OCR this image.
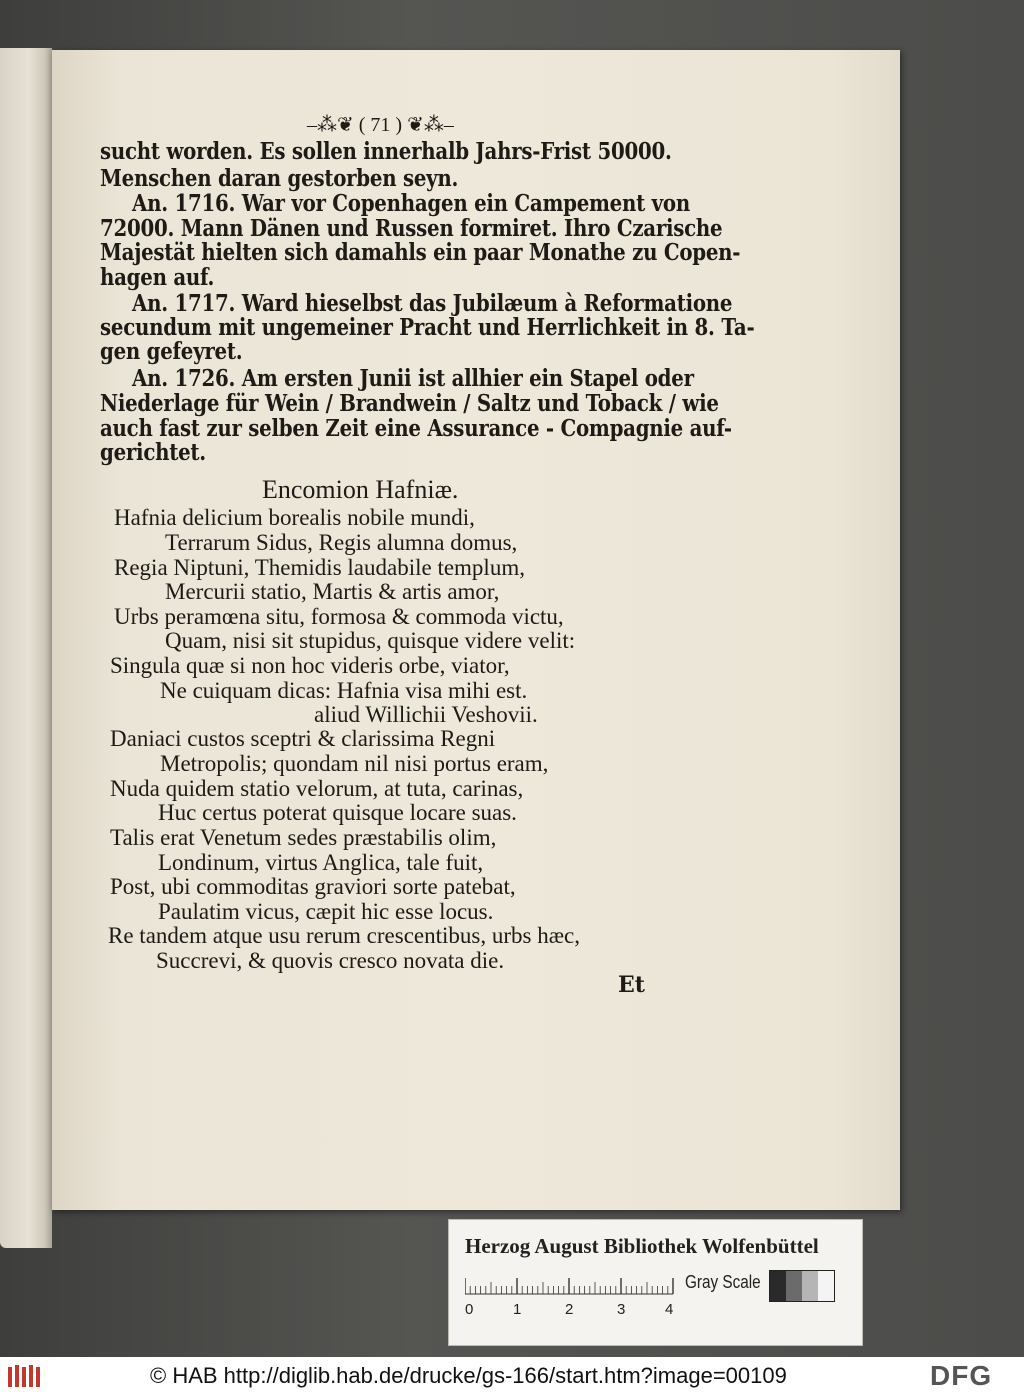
–⁂❦ ( 71 ) ❦⁂–
sucht worden. Es sollen innerhalb Jahrs-Frist 50000.
Menschen daran gestorben seyn.
An. 1716. War vor Copenhagen ein Campement von
72000. Mann Dänen und Russen formiret. Ihro Czarische
Majestät hielten sich damahls ein paar Monathe zu Copen-
hagen auf.
An. 1717. Ward hieselbst das Jubilæum à Reformatione
secundum mit ungemeiner Pracht und Herrlichkeit in 8. Ta-
gen gefeyret.
An. 1726. Am ersten Junii ist allhier ein Stapel oder
Niederlage für Wein / Brandwein / Saltz und Toback / wie
auch fast zur selben Zeit eine Assurance - Compagnie auf-
gerichtet.
Encomion Hafniæ.
Hafnia delicium borealis nobile mundi,
Terrarum Sidus, Regis alumna domus,
Regia Niptuni, Themidis laudabile templum,
Mercurii statio, Martis & artis amor,
Urbs peramœna situ, formosa & commoda victu,
Quam, nisi sit stupidus, quisque videre velit:
Singula quæ si non hoc videris orbe, viator,
Ne cuiquam dicas: Hafnia visa mihi est.
aliud Willichii Veshovii.
Daniaci custos sceptri & clarissima Regni
Metropolis; quondam nil nisi portus eram,
Nuda quidem statio velorum, at tuta, carinas,
Huc certus poterat quisque locare suas.
Talis erat Venetum sedes præstabilis olim,
Londinum, virtus Anglica, tale fuit,
Post, ubi commoditas graviori sorte patebat,
Paulatim vicus, cæpit hic esse locus.
Re tandem atque usu rerum crescentibus, urbs hæc,
Succrevi, & quovis cresco novata die.
Et
Herzog August Bibliothek Wolfenbüttel
0	1	2	3	4
Gray Scale
© HAB http://diglib.hab.de/drucke/gs-166/start.htm?image=00109	DFG
